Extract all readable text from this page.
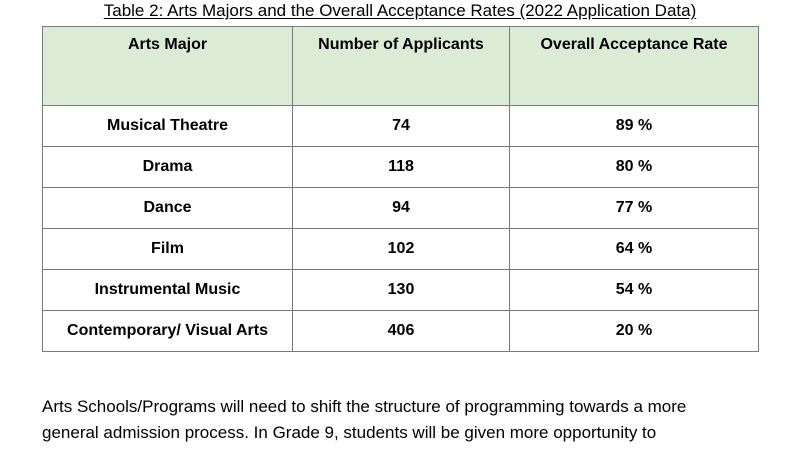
Table 2: Arts Majors and the Overall Acceptance Rates (2022 Application Data)
Arts Major	Number of Applicants	Overall Acceptance Rate
Musical Theatre	74	89 %
Drama	118	80 %
Dance	94	77 %
Film	102	64 %
Instrumental Music	130	54 %
Contemporary/ Visual Arts	406	20 %

Arts Schools/Programs will need to shift the structure of programming towards a more

general admission process. In Grade 9, students will be given more opportunity to
